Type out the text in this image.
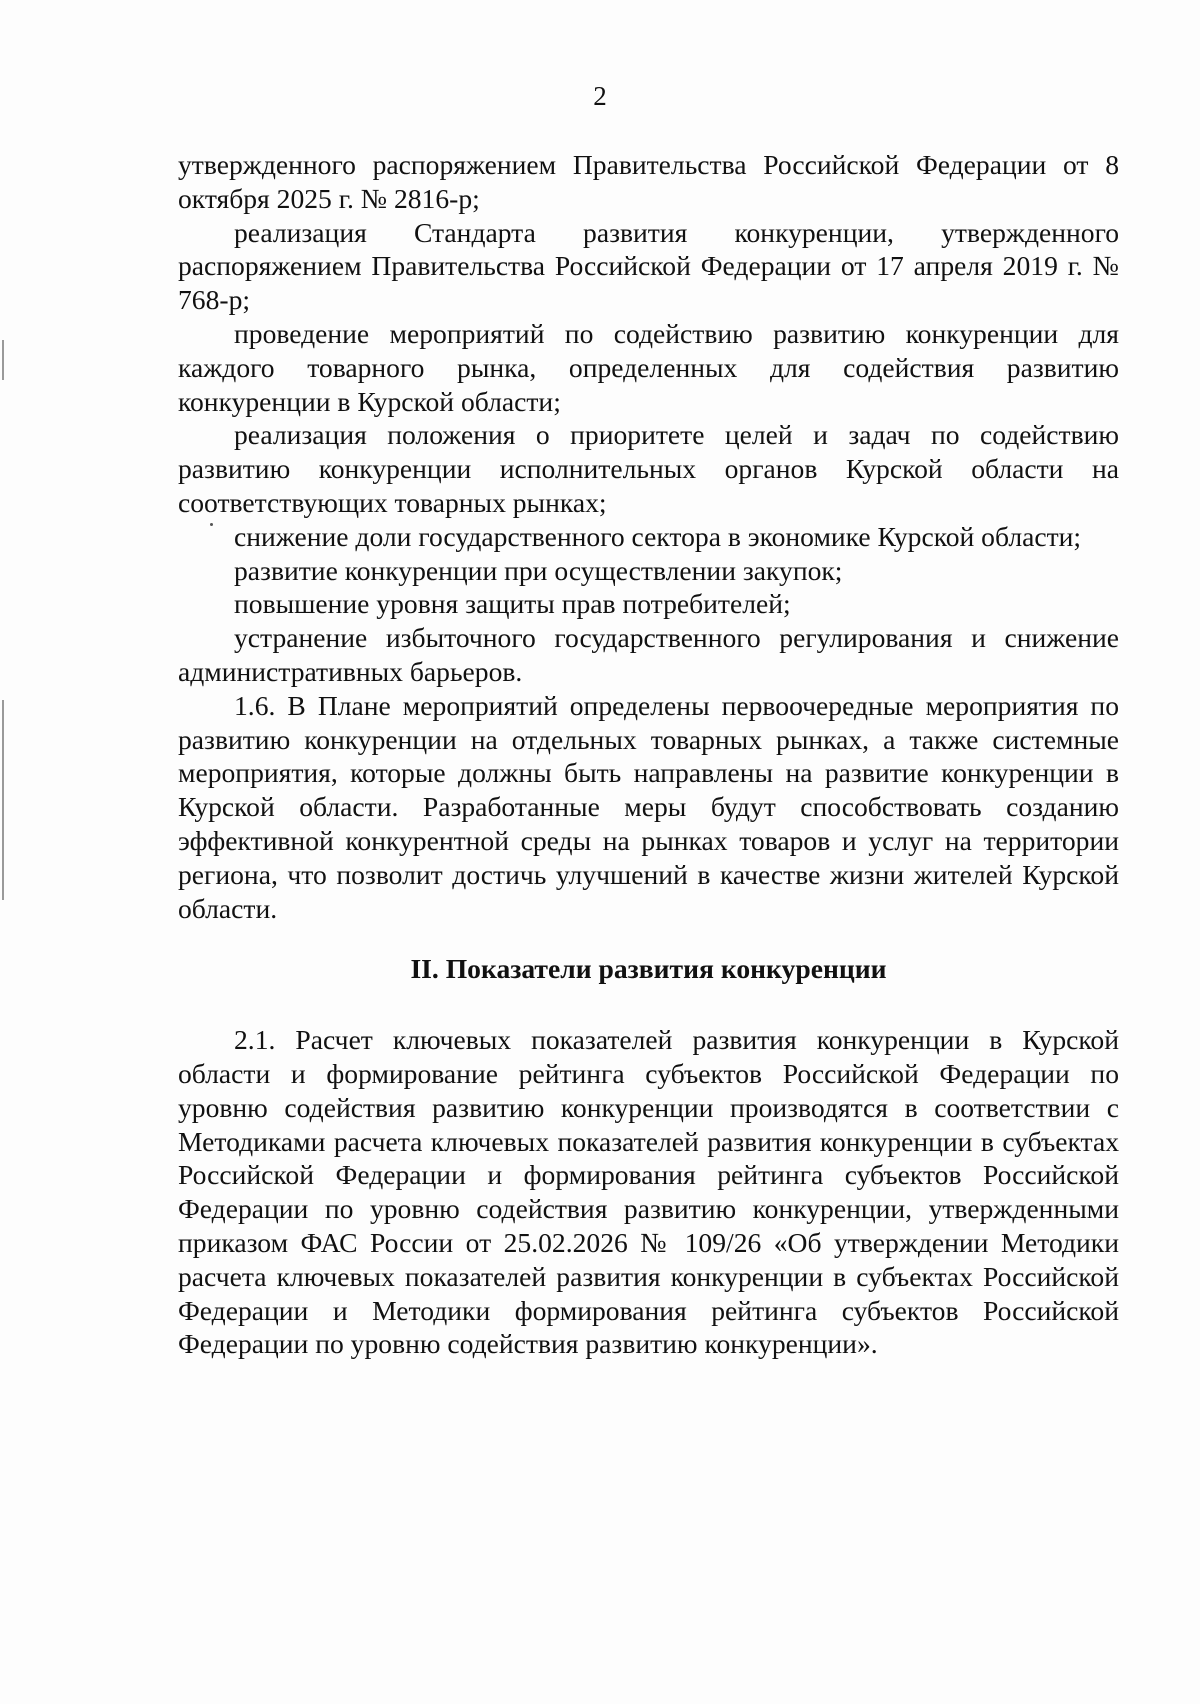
2

утвержденного распоряжением Правительства Российской Федерации от 8 октября 2025 г. № 2816-р;

реализация Стандарта развития конкуренции, утвержденного распоряжением Правительства Российской Федерации от 17 апреля 2019 г. № 768-р;

проведение мероприятий по содействию развитию конкуренции для каждого товарного рынка, определенных для содействия развитию конкуренции в Курской области;

реализация положения о приоритете целей и задач по содействию развитию конкуренции исполнительных органов Курской области на соответствующих товарных рынках;

снижение доли государственного сектора в экономике Курской области;

развитие конкуренции при осуществлении закупок;

повышение уровня защиты прав потребителей;

устранение избыточного государственного регулирования и снижение административных барьеров.

1.6. В Плане мероприятий определены первоочередные мероприятия по развитию конкуренции на отдельных товарных рынках, а также системные мероприятия, которые должны быть направлены на развитие конкуренции в Курской области. Разработанные меры будут способствовать созданию эффективной конкурентной среды на рынках товаров и услуг на территории региона, что позволит достичь улучшений в качестве жизни жителей Курской области.

II. Показатели развития конкуренции

2.1. Расчет ключевых показателей развития конкуренции в Курской области и формирование рейтинга субъектов Российской Федерации по уровню содействия развитию конкуренции производятся в соответствии с Методиками расчета ключевых показателей развития конкуренции в субъектах Российской Федерации и формирования рейтинга субъектов Российской Федерации по уровню содействия развитию конкуренции, утвержденными приказом ФАС России от 25.02.2026 № 109/26 «Об утверждении Методики расчета ключевых показателей развития конкуренции в субъектах Российской Федерации и Методики формирования рейтинга субъектов Российской Федерации по уровню содействия развитию конкуренции».
